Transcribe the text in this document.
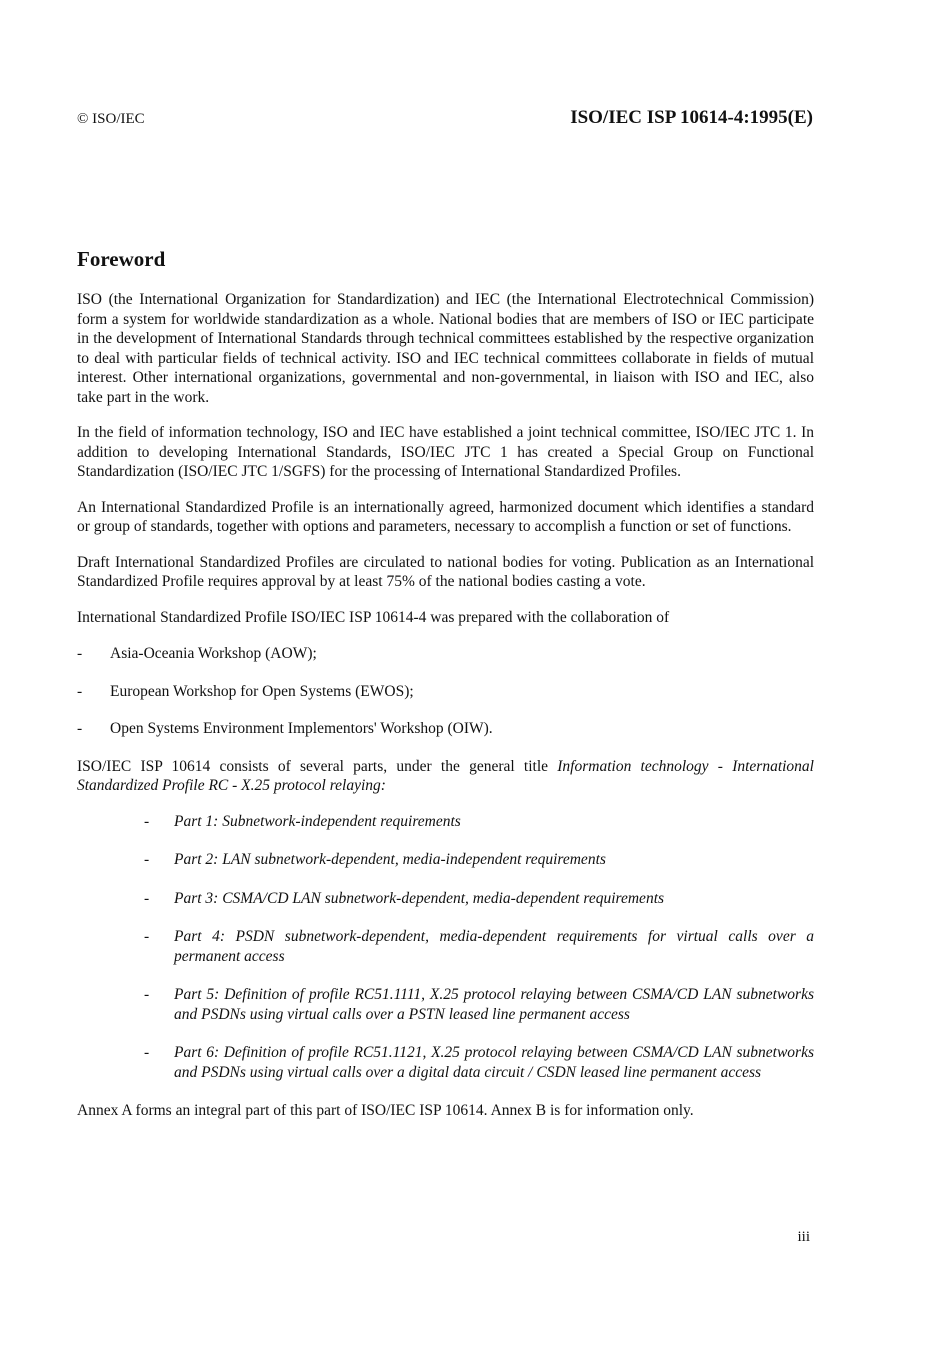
© ISO/IEC	ISO/IEC ISP 10614-4:1995(E)
Foreword

ISO (the International Organization for Standardization) and IEC (the International Electrotechnical Commission) form a system for worldwide standardization as a whole. National bodies that are members of ISO or IEC participate in the development of International Standards through technical committees established by the respective organization to deal with particular fields of technical activity. ISO and IEC technical committees collaborate in fields of mutual interest. Other international organizations, governmental and non-governmental, in liaison with ISO and IEC, also take part in the work.

In the field of information technology, ISO and IEC have established a joint technical committee, ISO/IEC JTC 1. In addition to developing International Standards, ISO/IEC JTC 1 has created a Special Group on Functional Standardization (ISO/IEC JTC 1/SGFS) for the processing of International Standardized Profiles.

An International Standardized Profile is an internationally agreed, harmonized document which identifies a standard or group of standards, together with options and parameters, necessary to accomplish a function or set of functions.

Draft International Standardized Profiles are circulated to national bodies for voting. Publication as an International Standardized Profile requires approval by at least 75% of the national bodies casting a vote.

International Standardized Profile ISO/IEC ISP 10614-4 was prepared with the collaboration of

- Asia-Oceania Workshop (AOW);
- European Workshop for Open Systems (EWOS);
- Open Systems Environment Implementors' Workshop (OIW).

ISO/IEC ISP 10614 consists of several parts, under the general title Information technology - International Standardized Profile RC - X.25 protocol relaying:

- Part 1: Subnetwork-independent requirements
- Part 2: LAN subnetwork-dependent, media-independent requirements
- Part 3: CSMA/CD LAN subnetwork-dependent, media-dependent requirements
- Part 4: PSDN subnetwork-dependent, media-dependent requirements for virtual calls over a permanent access
- Part 5: Definition of profile RC51.1111, X.25 protocol relaying between CSMA/CD LAN subnetworks and PSDNs using virtual calls over a PSTN leased line permanent access
- Part 6: Definition of profile RC51.1121, X.25 protocol relaying between CSMA/CD LAN subnetworks and PSDNs using virtual calls over a digital data circuit / CSDN leased line permanent access

Annex A forms an integral part of this part of ISO/IEC ISP 10614. Annex B is for information only.

iii
